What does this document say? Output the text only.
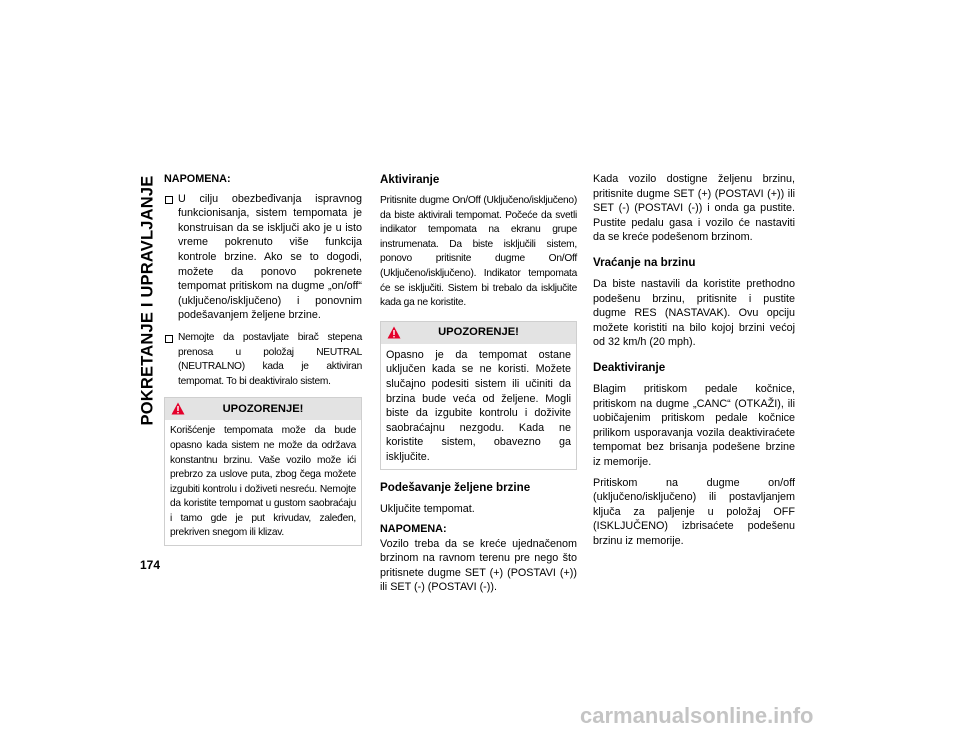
POKRETANJE I UPRAVLJANJE
174

NAPOMENA:

U cilju obezbeđivanja ispravnog funkcionisanja, sistem tempomata je konstruisan da se isključi ako je u isto vreme pokrenuto više funkcija kontrole brzine. Ako se to dogodi, možete da ponovo pokrenete tempomat pritiskom na dugme „on/off“ (uključeno/isključeno) i ponovnim podešavanjem željene brzine.
Nemojte da postavljate birač stepena prenosa u položaj NEUTRAL (NEUTRALNO) kada je aktiviran tempomat. To bi deaktiviralo sistem.
UPOZORENJE!
Korišćenje tempomata može da bude opasno kada sistem ne može da održava konstantnu brzinu. Vaše vozilo može ići prebrzo za uslove puta, zbog čega možete izgubiti kontrolu i doživeti nesreću. Nemojte da koristite tempomat u gustom saobraćaju i tamo gde je put krivudav, zaleđen, prekriven snegom ili klizav.
Aktiviranje

Pritisnite dugme On/Off (Uključeno/isključeno) da biste aktivirali tempomat. Počeće da svetli indikator tempomata na ekranu grupe instrumenata. Da biste isključili sistem, ponovo pritisnite dugme On/Off (Uključeno/isključeno). Indikator tempomata će se isključiti. Sistem bi trebalo da isključite kada ga ne koristite.

UPOZORENJE!
Opasno je da tempomat ostane uključen kada se ne koristi. Možete slučajno podesiti sistem ili učiniti da brzina bude veća od željene. Mogli biste da izgubite kontrolu i doživite saobraćajnu nezgodu. Kada ne koristite sistem, obavezno ga isključite.
Podešavanje željene brzine

Uključite tempomat.

NAPOMENA:

Vozilo treba da se kreće ujednačenom brzinom na ravnom terenu pre nego što pritisnete dugme SET (+) (POSTAVI (+)) ili SET (-) (POSTAVI (-)).

Kada vozilo dostigne željenu brzinu, pritisnite dugme SET (+) (POSTAVI (+)) ili SET (-) (POSTAVI (-)) i onda ga pustite. Pustite pedalu gasa i vozilo će nastaviti da se kreće podešenom brzinom.

Vraćanje na brzinu

Da biste nastavili da koristite prethodno podešenu brzinu, pritisnite i pustite dugme RES (NASTAVAK). Ovu opciju možete koristiti na bilo kojoj brzini većoj od 32 km/h (20 mph).

Deaktiviranje

Blagim pritiskom pedale kočnice, pritiskom na dugme „CANC“ (OTKAŽI), ili uobičajenim pritiskom pedale kočnice prilikom usporavanja vozila deaktiviraćete tempomat bez brisanja podešene brzine iz memorije.

Pritiskom na dugme on/off (uključeno/isključeno) ili postavljanjem ključa za paljenje u položaj OFF (ISKLJUČENO) izbrisaćete podešenu brzinu iz memorije.

carmanualsonline.info
